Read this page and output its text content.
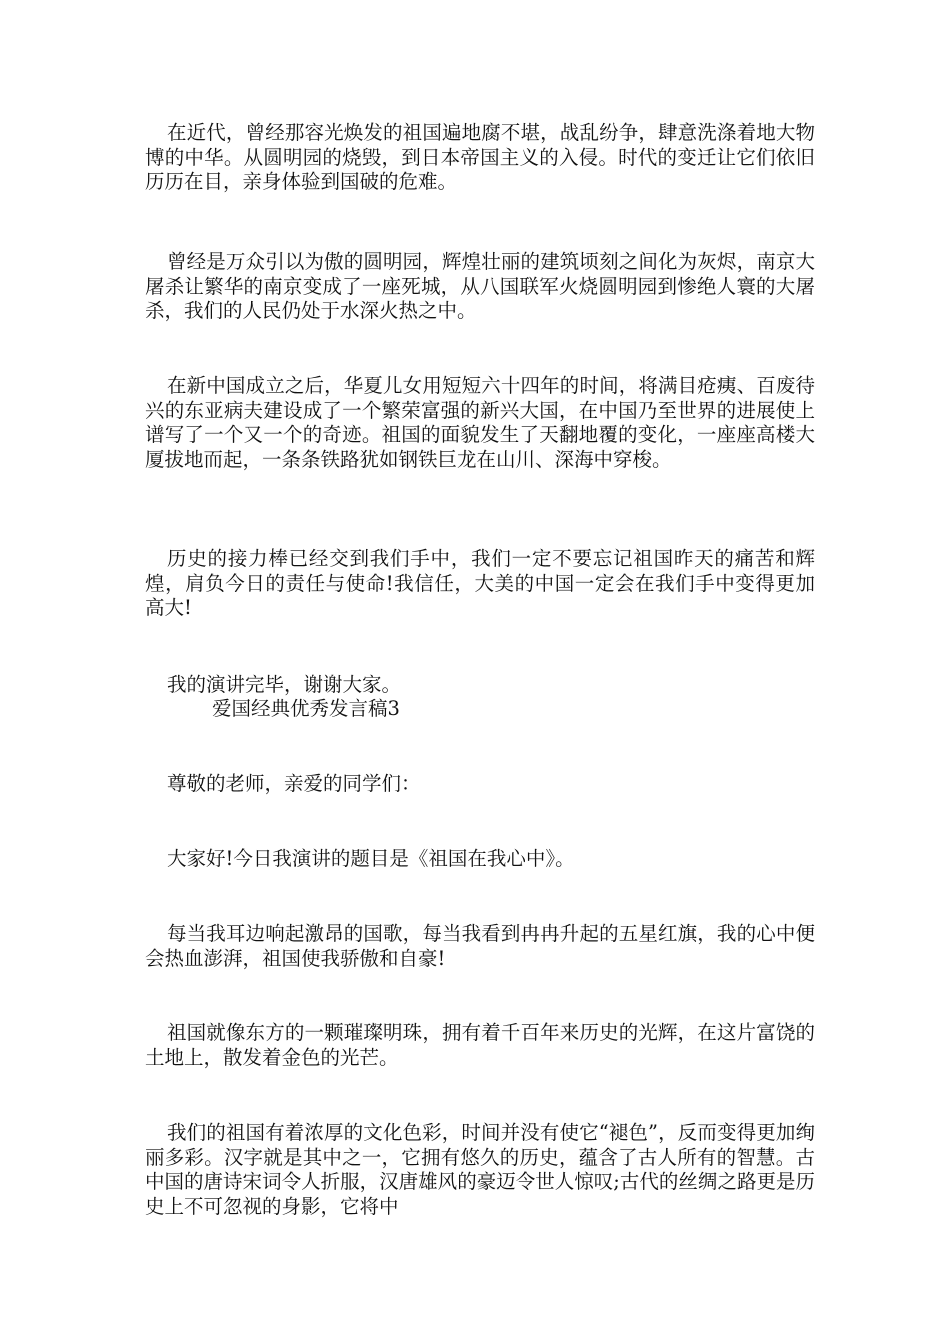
在近代，曾经那容光焕发的祖国遍地腐不堪，战乱纷争，肆意洗涤着地大物博的中华。从圆明园的烧毁，到日本帝国主义的入侵。时代的变迁让它们依旧历历在目，亲身体验到国破的危难。

曾经是万众引以为傲的圆明园，辉煌壮丽的建筑顷刻之间化为灰烬，南京大屠杀让繁华的南京变成了一座死城，从八国联军火烧圆明园到惨绝人寰的大屠杀，我们的人民仍处于水深火热之中。

在新中国成立之后，华夏儿女用短短六十四年的时间，将满目疮痍、百废待兴的东亚病夫建设成了一个繁荣富强的新兴大国，在中国乃至世界的进展使上谱写了一个又一个的奇迹。祖国的面貌发生了天翻地覆的变化，一座座高楼大厦拔地而起，一条条铁路犹如钢铁巨龙在山川、深海中穿梭。

历史的接力棒已经交到我们手中，我们一定不要忘记祖国昨天的痛苦和辉煌，肩负今日的责任与使命!我信任，大美的中国一定会在我们手中变得更加高大!

我的演讲完毕，谢谢大家。

爱国经典优秀发言稿3

尊敬的老师，亲爱的同学们：

大家好!今日我演讲的题目是《祖国在我心中》。

每当我耳边响起激昂的国歌，每当我看到冉冉升起的五星红旗，我的心中便会热血澎湃，祖国使我骄傲和自豪!

祖国就像东方的一颗璀璨明珠，拥有着千百年来历史的光辉，在这片富饶的土地上，散发着金色的光芒。

我们的祖国有着浓厚的文化色彩，时间并没有使它“褪色”，反而变得更加绚丽多彩。汉字就是其中之一，它拥有悠久的历史，蕴含了古人所有的智慧。古中国的唐诗宋词令人折服，汉唐雄风的豪迈令世人惊叹;古代的丝绸之路更是历史上不可忽视的身影，它将中
